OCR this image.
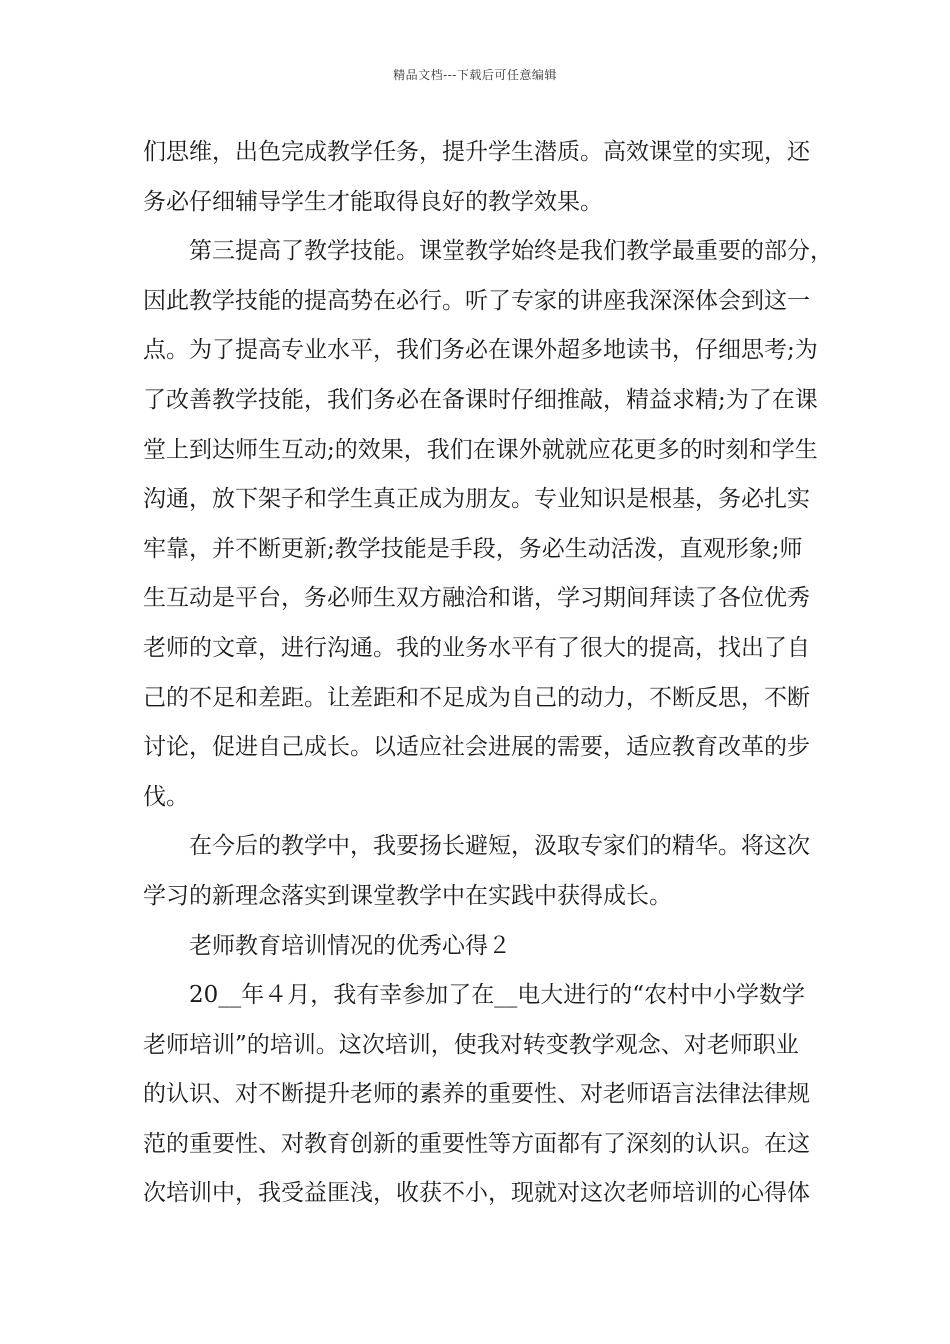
精品文档---下载后可任意编辑
们思维，出色完成教学任务，提升学生潜质。高效课堂的实现，还
务必仔细辅导学生才能取得良好的教学效果。
第三提高了教学技能。课堂教学始终是我们教学最重要的部分，
因此教学技能的提高势在必行。听了专家的讲座我深深体会到这一
点。为了提高专业水平，我们务必在课外超多地读书，仔细思考;为
了改善教学技能，我们务必在备课时仔细推敲，精益求精;为了在课
堂上到达师生互动;的效果，我们在课外就就应花更多的时刻和学生
沟通，放下架子和学生真正成为朋友。专业知识是根基，务必扎实
牢靠，并不断更新;教学技能是手段，务必生动活泼，直观形象;师
生互动是平台，务必师生双方融洽和谐，学习期间拜读了各位优秀
老师的文章，进行沟通。我的业务水平有了很大的提高，找出了自
己的不足和差距。让差距和不足成为自己的动力，不断反思，不断
讨论，促进自己成长。以适应社会进展的需要，适应教育改革的步
伐。
在今后的教学中，我要扬长避短，汲取专家们的精华。将这次
学习的新理念落实到课堂教学中在实践中获得成长。
老师教育培训情况的优秀心得２
20__年４月，我有幸参加了在__电大进行的“农村中小学数学
老师培训”的培训。这次培训，使我对转变教学观念、对老师职业
的认识、对不断提升老师的素养的重要性、对老师语言法律法律规
范的重要性、对教育创新的重要性等方面都有了深刻的认识。在这
次培训中，我受益匪浅，收获不小，现就对这次老师培训的心得体
